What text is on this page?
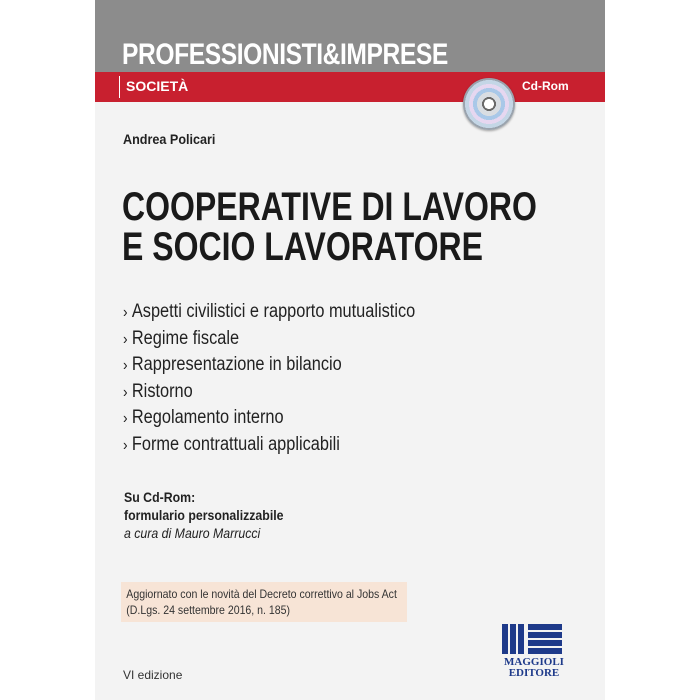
PROFESSIONISTI&IMPRESE

SOCIETÀ	Cd-Rom

Andrea Policari

COOPERATIVE DI LAVORO
E SOCIO LAVORATORE
› Aspetti civilistici e rapporto mutualistico
› Regime fiscale
› Rappresentazione in bilancio
› Ristorno
› Regolamento interno
› Forme contrattuali applicabili
Su Cd-Rom:
formulario personalizzabile
a cura di Mauro Marrucci
Aggiornato con le novità del Decreto correttivo al Jobs Act
(D.Lgs. 24 settembre 2016, n. 185)

VI edizione

MAGGIOLI
EDITORE
